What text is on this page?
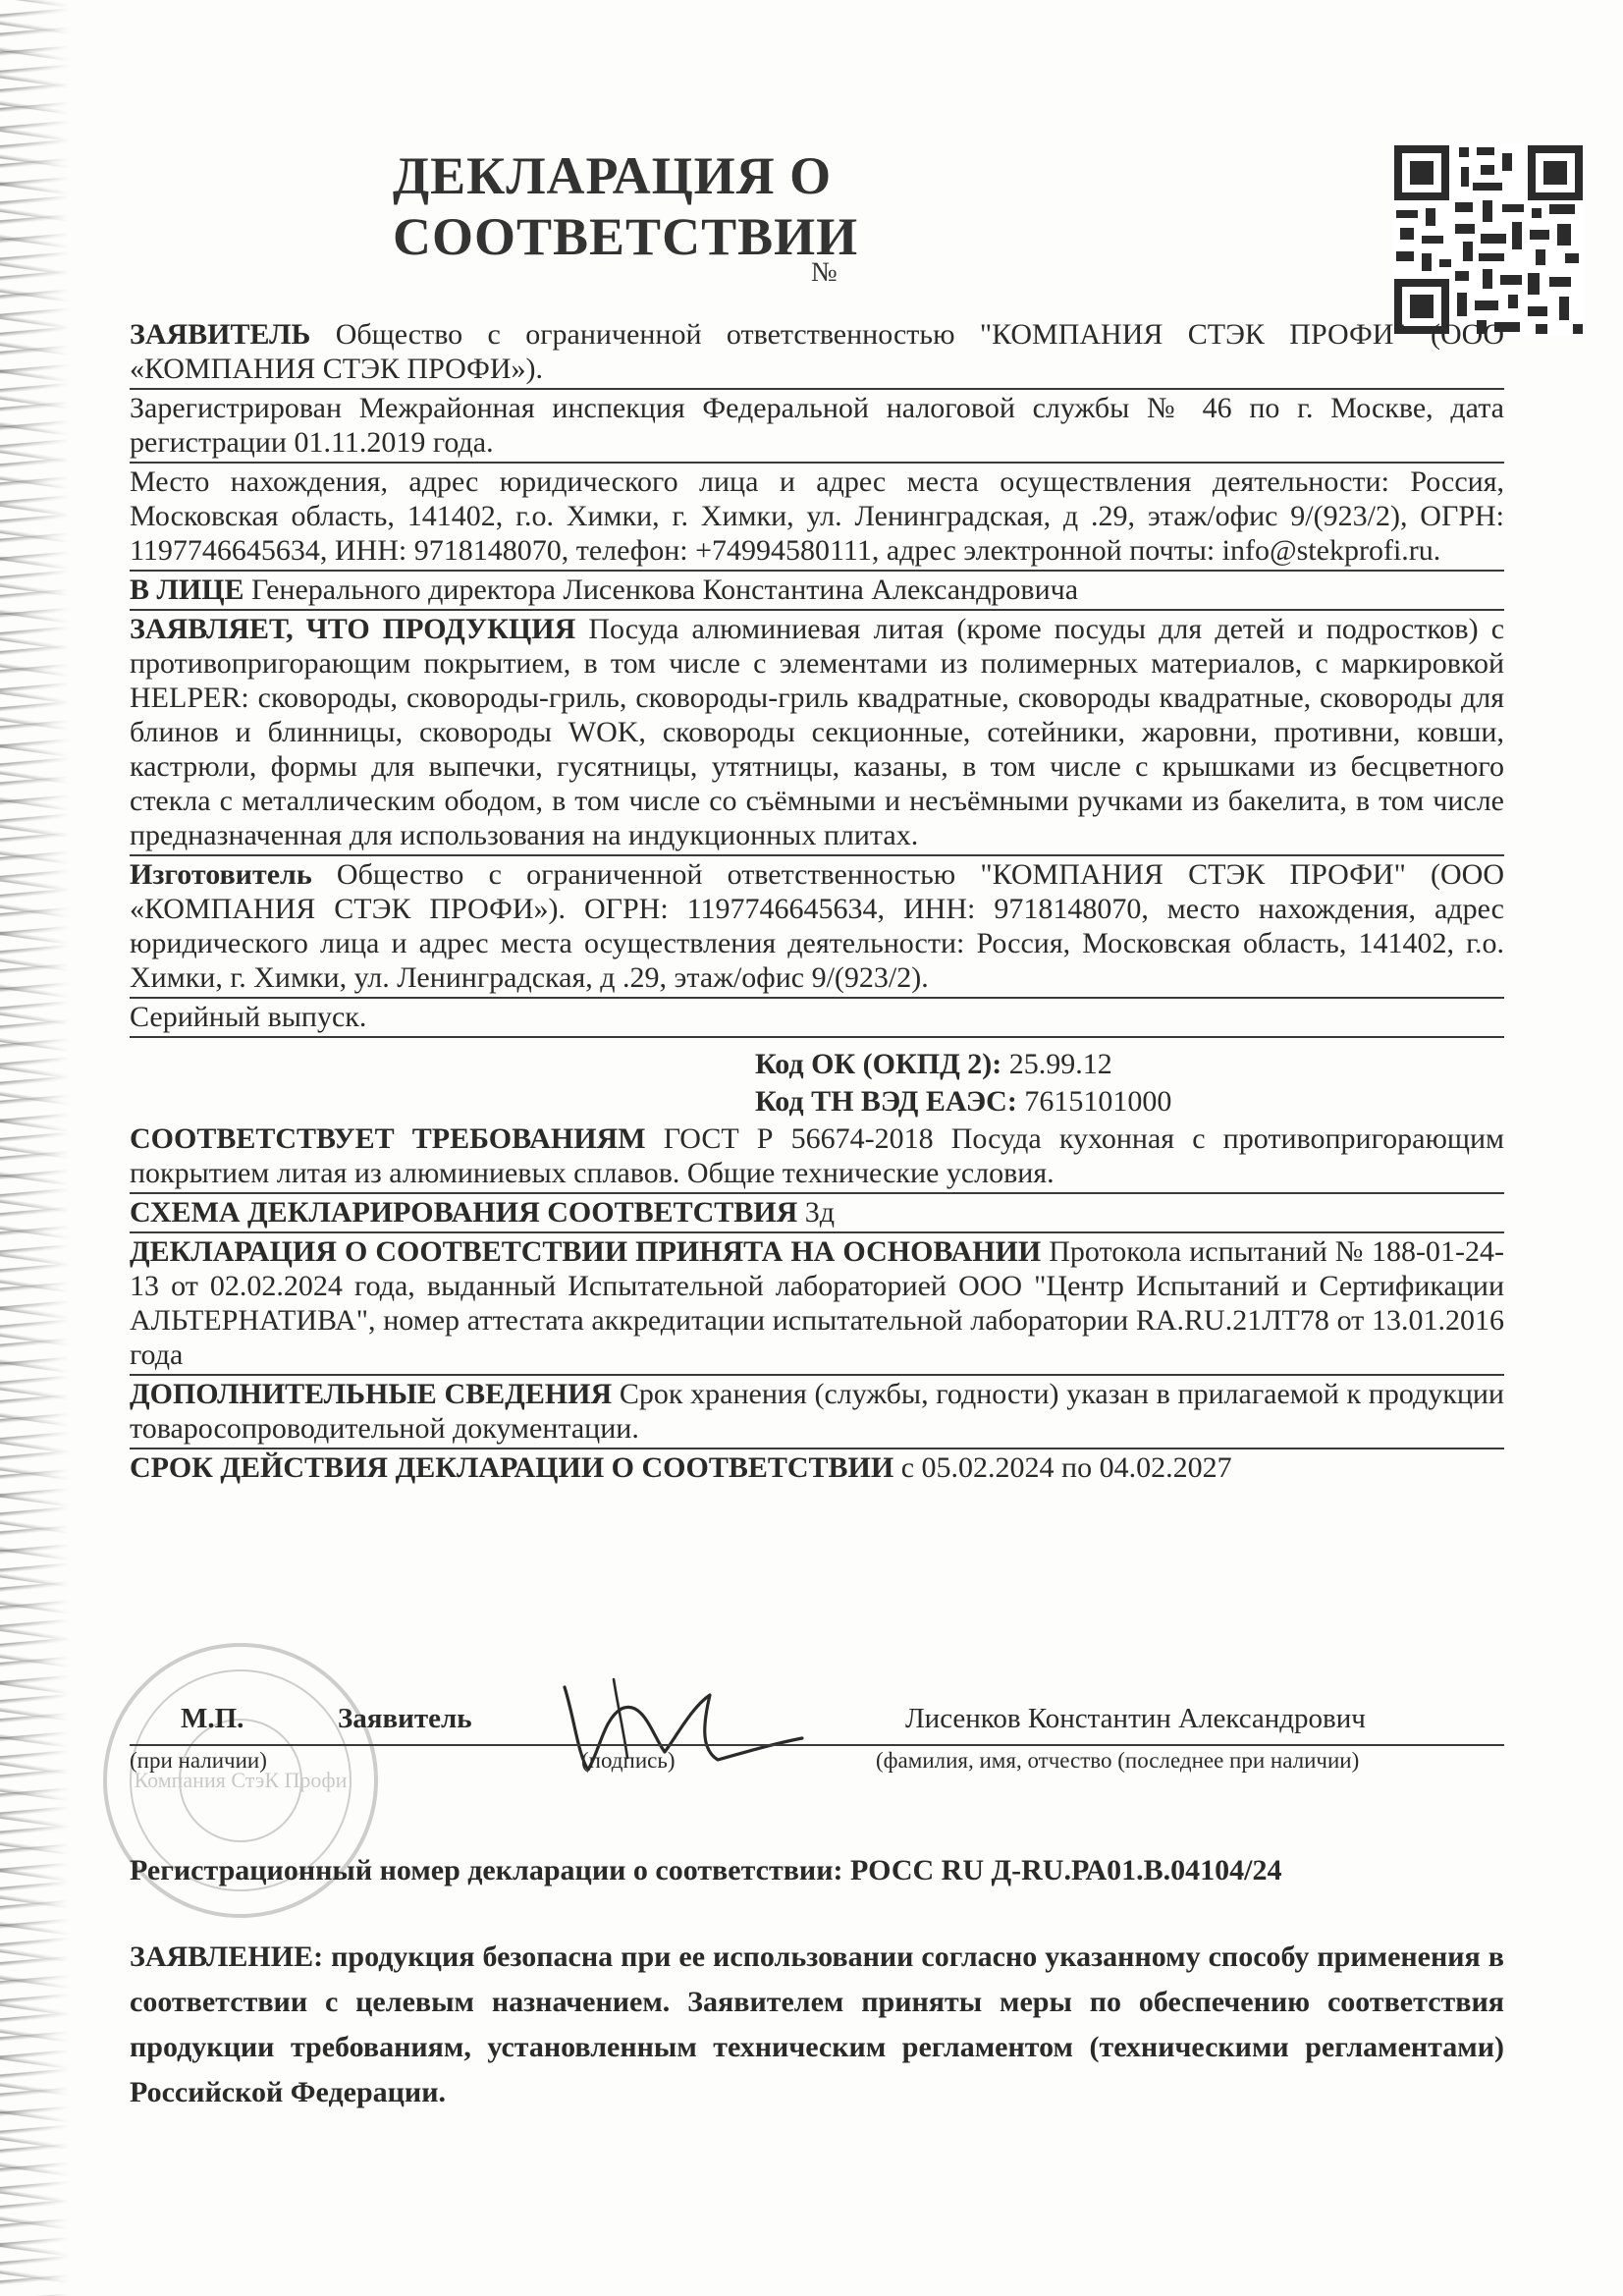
ДЕКЛАРАЦИЯ О СООТВЕТСТВИИ
№
ЗАЯВИТЕЛЬ Общество с ограниченной ответственностью "КОМПАНИЯ СТЭК ПРОФИ" (ООО «КОМПАНИЯ СТЭК ПРОФИ»).
Зарегистрирован Межрайонная инспекция Федеральной налоговой службы № 46 по г. Москве, дата регистрации 01.11.2019 года.
Место нахождения, адрес юридического лица и адрес места осуществления деятельности: Россия, Московская область, 141402, г.о. Химки, г. Химки, ул. Ленинградская, д .29, этаж/офис 9/(923/2), ОГРН: 1197746645634, ИНН: 9718148070, телефон: +74994580111, адрес электронной почты: info@stekprofi.ru.
В ЛИЦЕ Генерального директора Лисенкова Константина Александровича
ЗАЯВЛЯЕТ, ЧТО ПРОДУКЦИЯ Посуда алюминиевая литая (кроме посуды для детей и подростков) с противопригорающим покрытием, в том числе с элементами из полимерных материалов, с маркировкой HELPER: сковороды, сковороды-гриль, сковороды-гриль квадратные, сковороды квадратные, сковороды для блинов и блинницы, сковороды WOK, сковороды секционные, сотейники, жаровни, противни, ковши, кастрюли, формы для выпечки, гусятницы, утятницы, казаны, в том числе с крышками из бесцветного стекла с металлическим ободом, в том числе со съёмными и несъёмными ручками из бакелита, в том числе предназначенная для использования на индукционных плитах.
Изготовитель Общество с ограниченной ответственностью "КОМПАНИЯ СТЭК ПРОФИ" (ООО «КОМПАНИЯ СТЭК ПРОФИ»). ОГРН: 1197746645634, ИНН: 9718148070, место нахождения, адрес юридического лица и адрес места осуществления деятельности: Россия, Московская область, 141402, г.о. Химки, г. Химки, ул. Ленинградская, д .29, этаж/офис 9/(923/2).
Серийный выпуск.
Код ОК (ОКПД 2): 25.99.12
Код ТН ВЭД ЕАЭС: 7615101000
СООТВЕТСТВУЕТ ТРЕБОВАНИЯМ ГОСТ Р 56674-2018 Посуда кухонная с противопригорающим покрытием литая из алюминиевых сплавов. Общие технические условия.
СХЕМА ДЕКЛАРИРОВАНИЯ СООТВЕТСТВИЯ 3д
ДЕКЛАРАЦИЯ О СООТВЕТСТВИИ ПРИНЯТА НА ОСНОВАНИИ Протокола испытаний № 188-01-24-13 от 02.02.2024 года, выданный Испытательной лабораторией ООО "Центр Испытаний и Сертификации АЛЬТЕРНАТИВА", номер аттестата аккредитации испытательной лаборатории RA.RU.21ЛТ78 от 13.01.2016 года
ДОПОЛНИТЕЛЬНЫЕ СВЕДЕНИЯ Срок хранения (службы, годности) указан в прилагаемой к продукции товаросопроводительной документации.
СРОК ДЕЙСТВИЯ ДЕКЛАРАЦИИ О СООТВЕТСТВИИ с 05.02.2024 по 04.02.2027
Компания СтэК Профи
М.П.	Заявитель	Лисенков Константин Александрович
(при наличии)	(подпись)	(фамилия, имя, отчество (последнее при наличии)
Регистрационный номер декларации о соответствии: РОСС RU Д-RU.РА01.В.04104/24
ЗАЯВЛЕНИЕ: продукция безопасна при ее использовании согласно указанному способу применения в соответствии с целевым назначением. Заявителем приняты меры по обеспечению соответствия продукции требованиям, установленным техническим регламентом (техническими регламентами) Российской Федерации.
